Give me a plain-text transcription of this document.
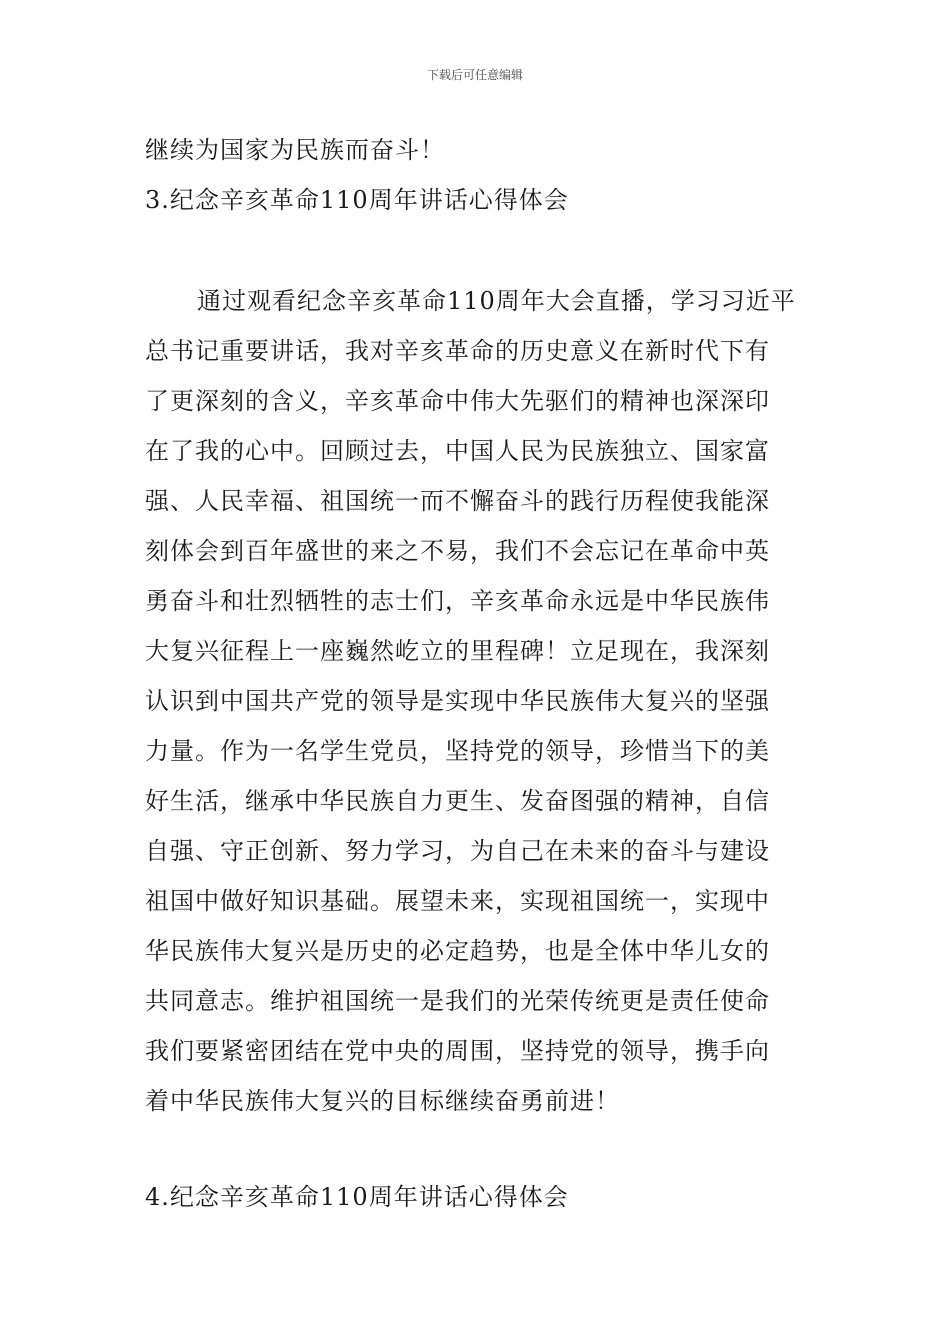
下载后可任意编辑
继续为国家为民族而奋斗！
3.纪念辛亥革命110周年讲话心得体会
通过观看纪念辛亥革命110周年大会直播，学习习近平
总书记重要讲话，我对辛亥革命的历史意义在新时代下有
了更深刻的含义，辛亥革命中伟大先驱们的精神也深深印
在了我的心中。回顾过去，中国人民为民族独立、国家富
强、人民幸福、祖国统一而不懈奋斗的践行历程使我能深
刻体会到百年盛世的来之不易，我们不会忘记在革命中英
勇奋斗和壮烈牺牲的志士们，辛亥革命永远是中华民族伟
大复兴征程上一座巍然屹立的里程碑！立足现在，我深刻
认识到中国共产党的领导是实现中华民族伟大复兴的坚强
力量。作为一名学生党员，坚持党的领导，珍惜当下的美
好生活，继承中华民族自力更生、发奋图强的精神，自信
自强、守正创新、努力学习，为自己在未来的奋斗与建设
祖国中做好知识基础。展望未来，实现祖国统一，实现中
华民族伟大复兴是历史的必定趋势，也是全体中华儿女的
共同意志。维护祖国统一是我们的光荣传统更是责任使命
我们要紧密团结在党中央的周围，坚持党的领导，携手向
着中华民族伟大复兴的目标继续奋勇前进！
4.纪念辛亥革命110周年讲话心得体会
